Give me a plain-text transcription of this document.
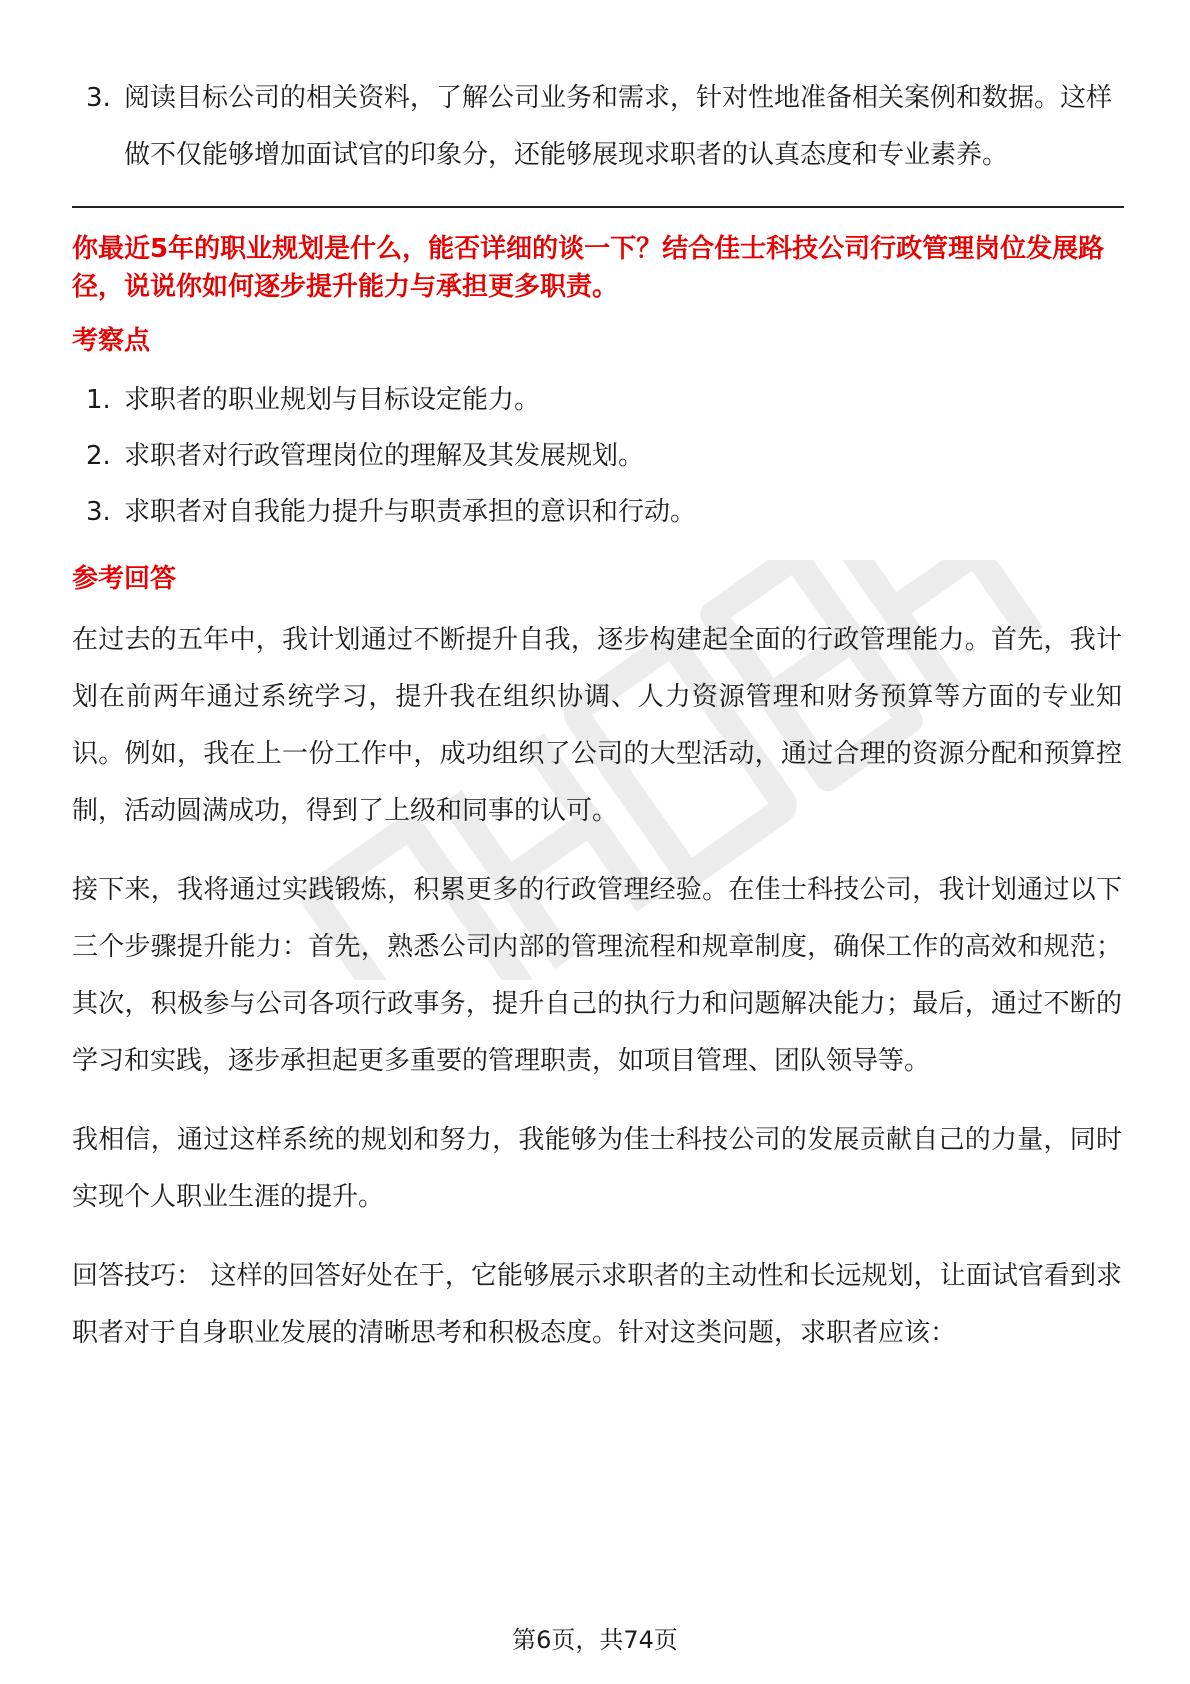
3. 阅读目标公司的相关资料，了解公司业务和需求，针对性地准备相关案例和数据。这样做不仅能够增加面试官的印象分，还能够展现求职者的认真态度和专业素养。
你最近5年的职业规划是什么，能否详细的谈一下？结合佳士科技公司行政管理岗位发展路径，说说你如何逐步提升能力与承担更多职责。
考察点
1. 求职者的职业规划与目标设定能力。
2. 求职者对行政管理岗位的理解及其发展规划。
3. 求职者对自我能力提升与职责承担的意识和行动。
参考回答

在过去的五年中，我计划通过不断提升自我，逐步构建起全面的行政管理能力。首先，我计划在前两年通过系统学习，提升我在组织协调、人力资源管理和财务预算等方面的专业知识。例如，我在上一份工作中，成功组织了公司的大型活动，通过合理的资源分配和预算控制，活动圆满成功，得到了上级和同事的认可。

接下来，我将通过实践锻炼，积累更多的行政管理经验。在佳士科技公司，我计划通过以下三个步骤提升能力：首先，熟悉公司内部的管理流程和规章制度，确保工作的高效和规范；其次，积极参与公司各项行政事务，提升自己的执行力和问题解决能力；最后，通过不断的学习和实践，逐步承担起更多重要的管理职责，如项目管理、团队领导等。

我相信，通过这样系统的规划和努力，我能够为佳士科技公司的发展贡献自己的力量，同时实现个人职业生涯的提升。

回答技巧： 这样的回答好处在于，它能够展示求职者的主动性和长远规划，让面试官看到求职者对于自身职业发展的清晰思考和积极态度。针对这类问题，求职者应该：

第6页，共74页
